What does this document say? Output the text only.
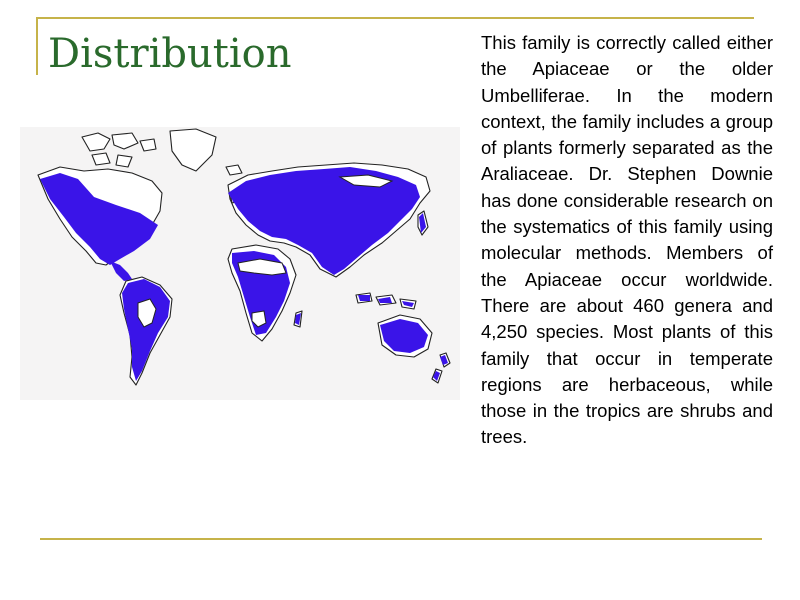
Distribution	This family is correctly called either the Apiaceae or the older Umbelliferae. In the modern context, the family includes a group of plants formerly separated as the Araliaceae. Dr. Stephen Downie has done considerable research on the systematics of this family using molecular methods. Members of the Apiaceae occur worldwide. There are about 460 genera and 4,250 species. Most plants of this family that occur in temperate regions are herbaceous, while those in the tropics are shrubs and trees.
